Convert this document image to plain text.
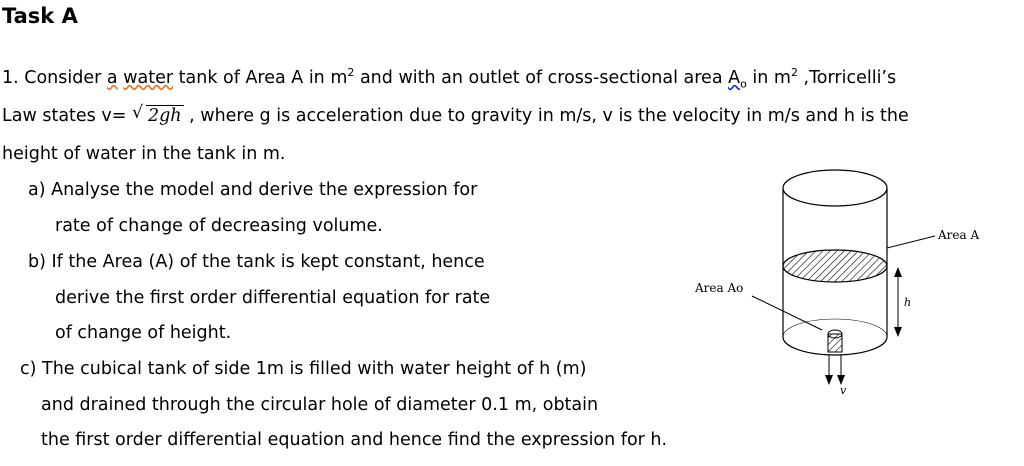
Task A
1. Consider a water tank of Area A in $m^2$ and with an outlet of cross-sectional area $A_o$ in $m^2$ ,Torricelli’s
Law states v= √ 2gh , where g is acceleration due to gravity in m/s, v is the velocity in m/s and h is the
height of water in the tank in m.
a) Analyse the model and derive the expression for
rate of change of decreasing volume.
b) If the Area (A) of the tank is kept constant, hence
derive the first order differential equation for rate
of change of height.
c) The cubical tank of side 1m is filled with water height of h (m)
and drained through the circular hole of diameter 0.1 m, obtain
the first order differential equation and hence find the expression for h.
Area A
Area Ao
h
v
